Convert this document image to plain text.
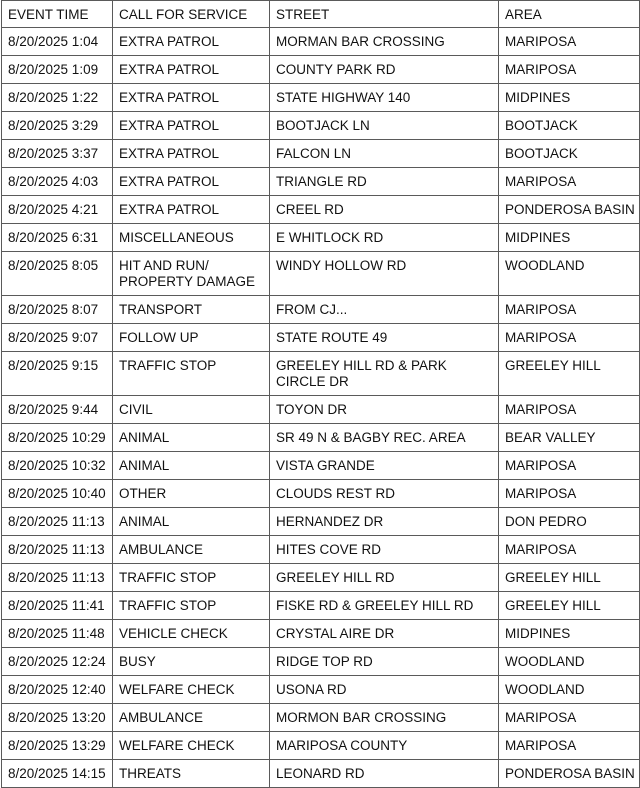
EVENT TIME	CALL FOR SERVICE	STREET	AREA
8/20/2025 1:04	EXTRA PATROL	MORMAN BAR CROSSING	MARIPOSA
8/20/2025 1:09	EXTRA PATROL	COUNTY PARK RD	MARIPOSA
8/20/2025 1:22	EXTRA PATROL	STATE HIGHWAY 140	MIDPINES
8/20/2025 3:29	EXTRA PATROL	BOOTJACK LN	BOOTJACK
8/20/2025 3:37	EXTRA PATROL	FALCON LN	BOOTJACK
8/20/2025 4:03	EXTRA PATROL	TRIANGLE RD	MARIPOSA
8/20/2025 4:21	EXTRA PATROL	CREEL RD	PONDEROSA BASIN
8/20/2025 6:31	MISCELLANEOUS	E WHITLOCK RD	MIDPINES
8/20/2025 8:05	HIT AND RUN/ PROPERTY DAMAGE	WINDY HOLLOW RD	WOODLAND
8/20/2025 8:07	TRANSPORT	FROM CJ...	MARIPOSA
8/20/2025 9:07	FOLLOW UP	STATE ROUTE 49	MARIPOSA
8/20/2025 9:15	TRAFFIC STOP	GREELEY HILL RD & PARK CIRCLE DR	GREELEY HILL
8/20/2025 9:44	CIVIL	TOYON DR	MARIPOSA
8/20/2025 10:29	ANIMAL	SR 49 N & BAGBY REC. AREA	BEAR VALLEY
8/20/2025 10:32	ANIMAL	VISTA GRANDE	MARIPOSA
8/20/2025 10:40	OTHER	CLOUDS REST RD	MARIPOSA
8/20/2025 11:13	ANIMAL	HERNANDEZ DR	DON PEDRO
8/20/2025 11:13	AMBULANCE	HITES COVE RD	MARIPOSA
8/20/2025 11:13	TRAFFIC STOP	GREELEY HILL RD	GREELEY HILL
8/20/2025 11:41	TRAFFIC STOP	FISKE RD & GREELEY HILL RD	GREELEY HILL
8/20/2025 11:48	VEHICLE CHECK	CRYSTAL AIRE DR	MIDPINES
8/20/2025 12:24	BUSY	RIDGE TOP RD	WOODLAND
8/20/2025 12:40	WELFARE CHECK	USONA RD	WOODLAND
8/20/2025 13:20	AMBULANCE	MORMON BAR CROSSING	MARIPOSA
8/20/2025 13:29	WELFARE CHECK	MARIPOSA COUNTY	MARIPOSA
8/20/2025 14:15	THREATS	LEONARD RD	PONDEROSA BASIN
